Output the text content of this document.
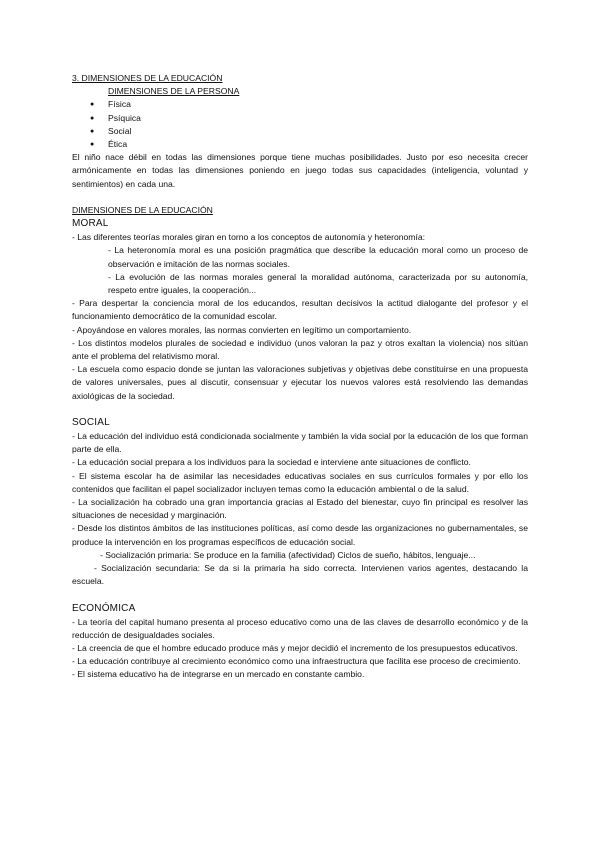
3. DIMENSIONES DE LA EDUCACIÓN

DIMENSIONES DE LA PERSONA

● Física
● Psíquica
● Social
● Ética

El niño nace débil en todas las dimensiones porque tiene muchas posibilidades. Justo por eso necesita crecer armónicamente en todas las dimensiones poniendo en juego todas sus capacidades (inteligencia, voluntad y sentimientos) en cada una.

DIMENSIONES DE LA EDUCACIÓN

MORAL

- Las diferentes teorías morales giran en torno a los conceptos de autonomía y heteronomía:

- La heteronomía moral es una posición pragmática que describe la educación moral como un proceso de observación e imitación de las normas sociales.

- La evolución de las normas morales general la moralidad autónoma, caracterizada por su autonomía, respeto entre iguales, la cooperación...

- Para despertar la conciencia moral de los educandos, resultan decisivos la actitud dialogante del profesor y el funcionamiento democrático de la comunidad escolar.

- Apoyándose en valores morales, las normas convierten en legítimo un comportamiento.

- Los distintos modelos plurales de sociedad e individuo (unos valoran la paz y otros exaltan la violencia) nos sitúan ante el problema del relativismo moral.

- La escuela como espacio donde se juntan las valoraciones subjetivas y objetivas debe constituirse en una propuesta de valores universales, pues al discutir, consensuar y ejecutar los nuevos valores está resolviendo las demandas axiológicas de la sociedad.

SOCIAL

- La educación del individuo está condicionada socialmente y también la vida social por la educación de los que forman parte de ella.

- La educación social prepara a los individuos para la sociedad e interviene ante situaciones de conflicto.

- El sistema escolar ha de asimilar las necesidades educativas sociales en sus currículos formales y por ello los contenidos que facilitan el papel socializador incluyen temas como la educación ambiental o de la salud.

- La socialización ha cobrado una gran importancia gracias al Estado del bienestar, cuyo fin principal es resolver las situaciones de necesidad y marginación.

- Desde los distintos ámbitos de las instituciones políticas, así como desde las organizaciones no gubernamentales, se produce la intervención en los programas específicos de educación social.

- Socialización primaria: Se produce en la familia (afectividad) Ciclos de sueño, hábitos, lenguaje...

- Socialización secundaria: Se da si la primaria ha sido correcta. Intervienen varios agentes, destacando la escuela.

ECONÓMICA

- La teoría del capital humano presenta al proceso educativo como una de las claves de desarrollo económico y de la reducción de desigualdades sociales.

- La creencia de que el hombre educado produce más y mejor decidió el incremento de los presupuestos educativos.

- La educación contribuye al crecimiento económico como una infraestructura que facilita ese proceso de crecimiento.

- El sistema educativo ha de integrarse en un mercado en constante cambio.
